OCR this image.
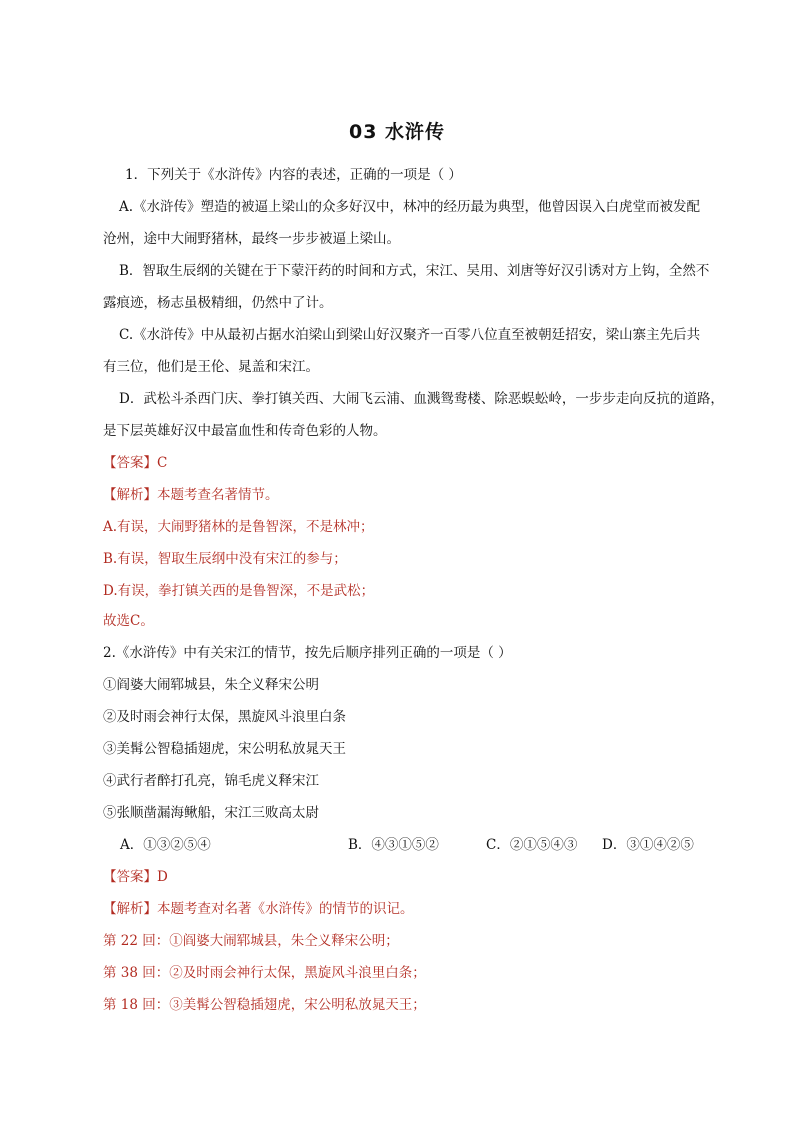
03 水浒传
1．下列关于《水浒传》内容的表述，正确的一项是（ ）
A.《水浒传》塑造的被逼上梁山的众多好汉中，林冲的经历最为典型，他曾因误入白虎堂而被发配
沧州，途中大闹野猪林，最终一步步被逼上梁山。
B．智取生辰纲的关键在于下蒙汗药的时间和方式，宋江、吴用、刘唐等好汉引诱对方上钩，全然不
露痕迹，杨志虽极精细，仍然中了计。
C.《水浒传》中从最初占据水泊梁山到梁山好汉聚齐一百零八位直至被朝廷招安，梁山寨主先后共
有三位，他们是王伦、晁盖和宋江。
D．武松斗杀西门庆、拳打镇关西、大闹飞云浦、血溅鸳鸯楼、除恶蜈蚣岭，一步步走向反抗的道路，
是下层英雄好汉中最富血性和传奇色彩的人物。
【答案】C
【解析】本题考查名著情节。
A.有误，大闹野猪林的是鲁智深，不是林冲；
B.有误，智取生辰纲中没有宋江的参与；
D.有误，拳打镇关西的是鲁智深，不是武松；
故选C。
2.《水浒传》中有关宋江的情节，按先后顺序排列正确的一项是（ ）
①阎婆大闹郓城县，朱仝义释宋公明
②及时雨会神行太保，黑旋风斗浪里白条
③美髯公智稳插翅虎，宋公明私放晁天王
④武行者醉打孔亮，锦毛虎义释宋江
⑤张顺凿漏海鳅船，宋江三败高太尉
A．①③②⑤④	B．④③①⑤②	C．②①⑤④③ D．③①④②⑤
【答案】D
【解析】本题考查对名著《水浒传》的情节的识记。
第 22 回：①阎婆大闹郓城县，朱仝义释宋公明；
第 38 回：②及时雨会神行太保，黑旋风斗浪里白条；
第 18 回：③美髯公智稳插翅虎，宋公明私放晁天王；
